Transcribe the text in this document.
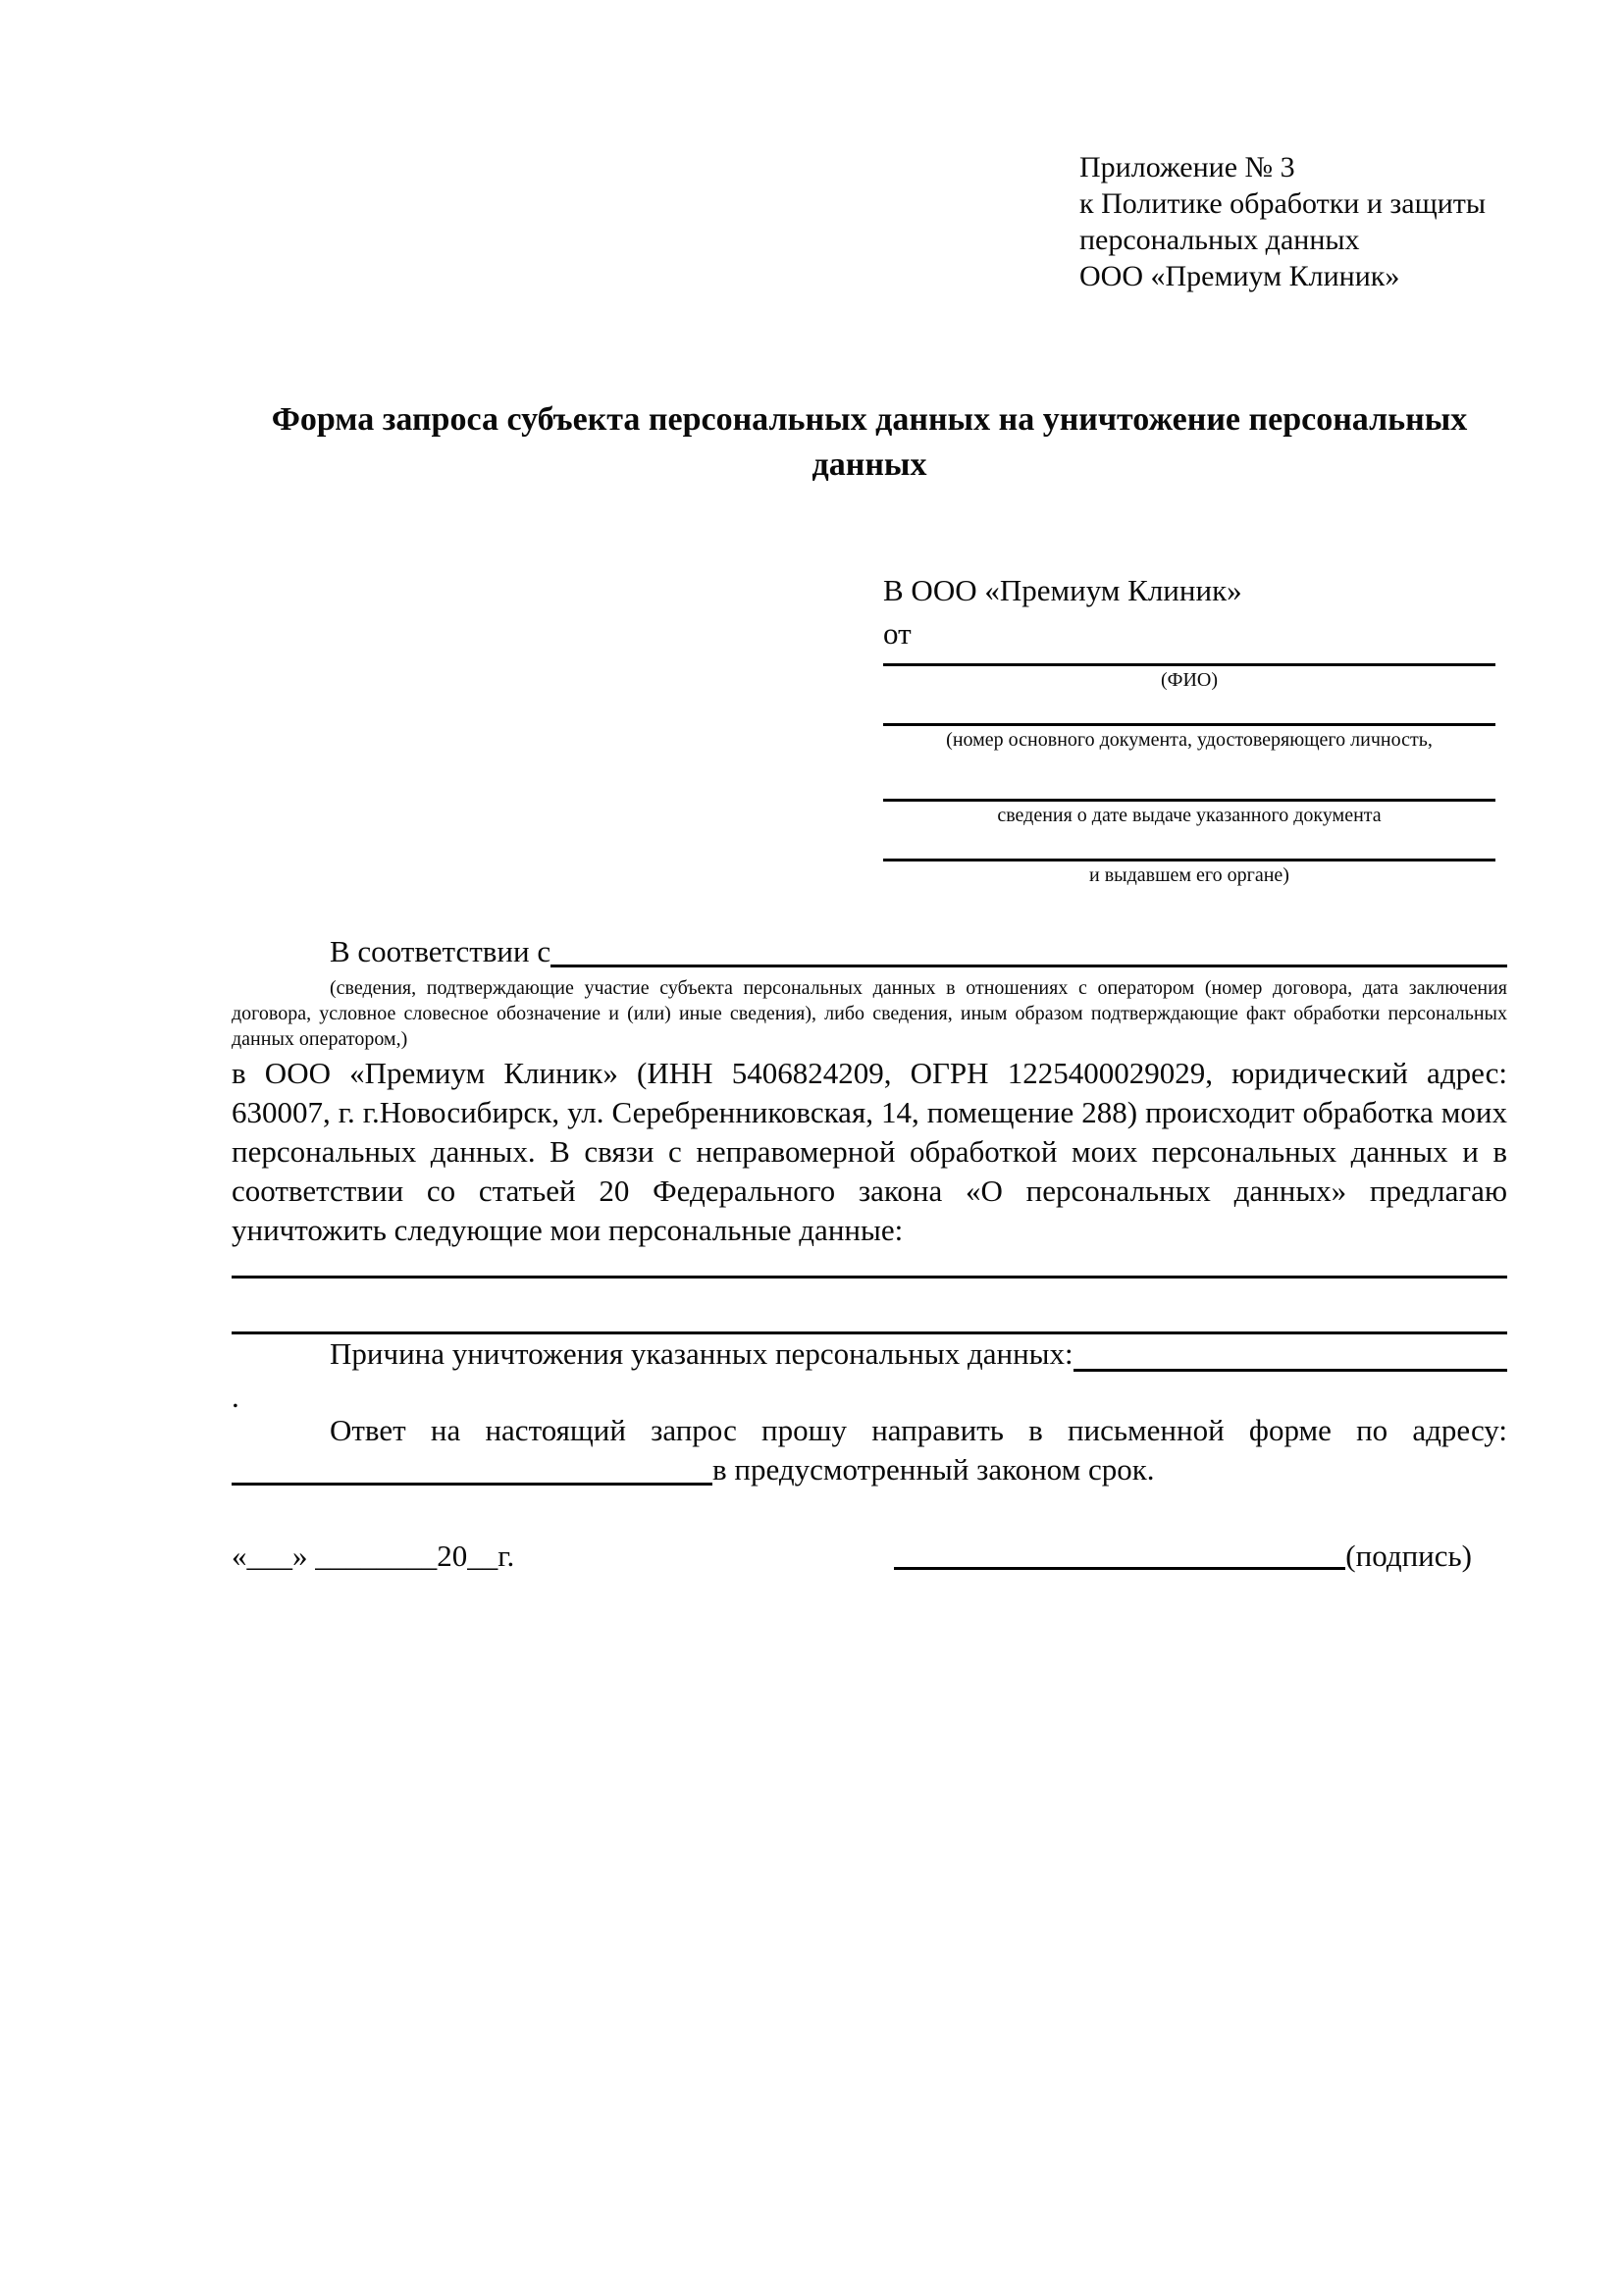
Приложение № 3
к Политике обработки и защиты
персональных данных
ООО «Премиум Клиник»
Форма запроса субъекта персональных данных на уничтожение персональных данных
В ООО «Премиум Клиник»
от
(ФИО)
(номер основного документа, удостоверяющего личность,
сведения о дате выдаче указанного документа
и выдавшем его органе)
В соответствии с

(сведения, подтверждающие участие субъекта персональных данных в отношениях с оператором (номер договора, дата заключения договора, условное словесное обозначение и (или) иные сведения), либо сведения, иным образом подтверждающие факт обработки персональных данных оператором,)

в ООО «Премиум Клиник» (ИНН 5406824209, ОГРН 1225400029029, юридический адрес: 630007, г. г.Новосибирск, ул. Серебренниковская, 14, помещение 288) происходит обработка моих персональных данных. В связи с неправомерной обработкой моих персональных данных и в соответствии со статьей 20 Федерального закона «О персональных данных» предлагаю уничтожить следующие мои персональные данные:

Причина уничтожения указанных персональных данных:
.

Ответ на настоящий запрос прошу направить в письменной форме по адресу:

в предусмотренный законом срок.
«___» ________20__г.	(подпись)
